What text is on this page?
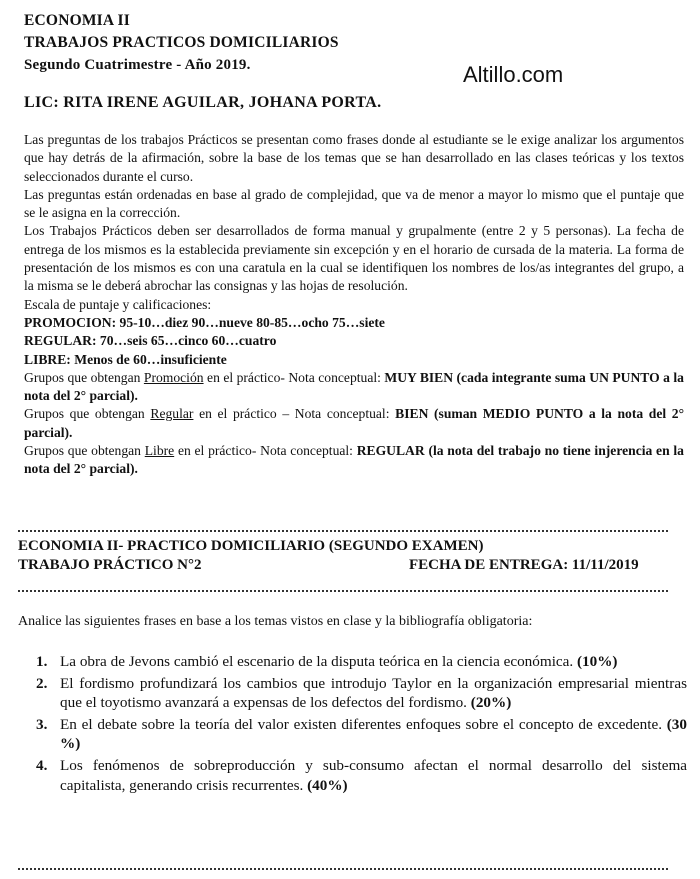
ECONOMIA II
TRABAJOS PRACTICOS DOMICILIARIOS
Segundo Cuatrimestre - Año 2019.	Altillo.com
LIC: RITA IRENE AGUILAR, JOHANA PORTA.

Las preguntas de los trabajos Prácticos se presentan como frases donde al estudiante se le exige analizar los argumentos que hay detrás de la afirmación, sobre la base de los temas que se han desarrollado en las clases teóricas y los textos seleccionados durante el curso.

Las preguntas están ordenadas en base al grado de complejidad, que va de menor a mayor lo mismo que el puntaje que se le asigna en la corrección.

Los Trabajos Prácticos deben ser desarrollados de forma manual y grupalmente (entre 2 y 5 personas). La fecha de entrega de los mismos es la establecida previamente sin excepción y en el horario de cursada de la materia. La forma de presentación de los mismos es con una caratula en la cual se identifiquen los nombres de los/as integrantes del grupo, a la misma se le deberá abrochar las consignas y las hojas de resolución.

Escala de puntaje y calificaciones:

PROMOCION: 95-10…diez 90…nueve 80-85…ocho 75…siete

REGULAR: 70…seis 65…cinco 60…cuatro

LIBRE: Menos de 60…insuficiente

Grupos que obtengan Promoción en el práctico- Nota conceptual: MUY BIEN (cada integrante suma UN PUNTO a la nota del 2° parcial).

Grupos que obtengan Regular en el práctico – Nota conceptual: BIEN (suman MEDIO PUNTO a la nota del 2° parcial).

Grupos que obtengan Libre en el práctico- Nota conceptual: REGULAR (la nota del trabajo no tiene injerencia en la nota del 2° parcial).

ECONOMIA II- PRACTICO DOMICILIARIO (SEGUNDO EXAMEN)
TRABAJO PRÁCTICO N°2	FECHA DE ENTREGA: 11/11/2019
Analice las siguientes frases en base a los temas vistos en clase y la bibliografía obligatoria:
1. La obra de Jevons cambió el escenario de la disputa teórica en la ciencia económica. (10%)
2. El fordismo profundizará los cambios que introdujo Taylor en la organización empresarial mientras que el toyotismo avanzará a expensas de los defectos del fordismo. (20%)
3. En el debate sobre la teoría del valor existen diferentes enfoques sobre el concepto de excedente. (30 %)
4. Los fenómenos de sobreproducción y sub-consumo afectan el normal desarrollo del sistema capitalista, generando crisis recurrentes. (40%)
